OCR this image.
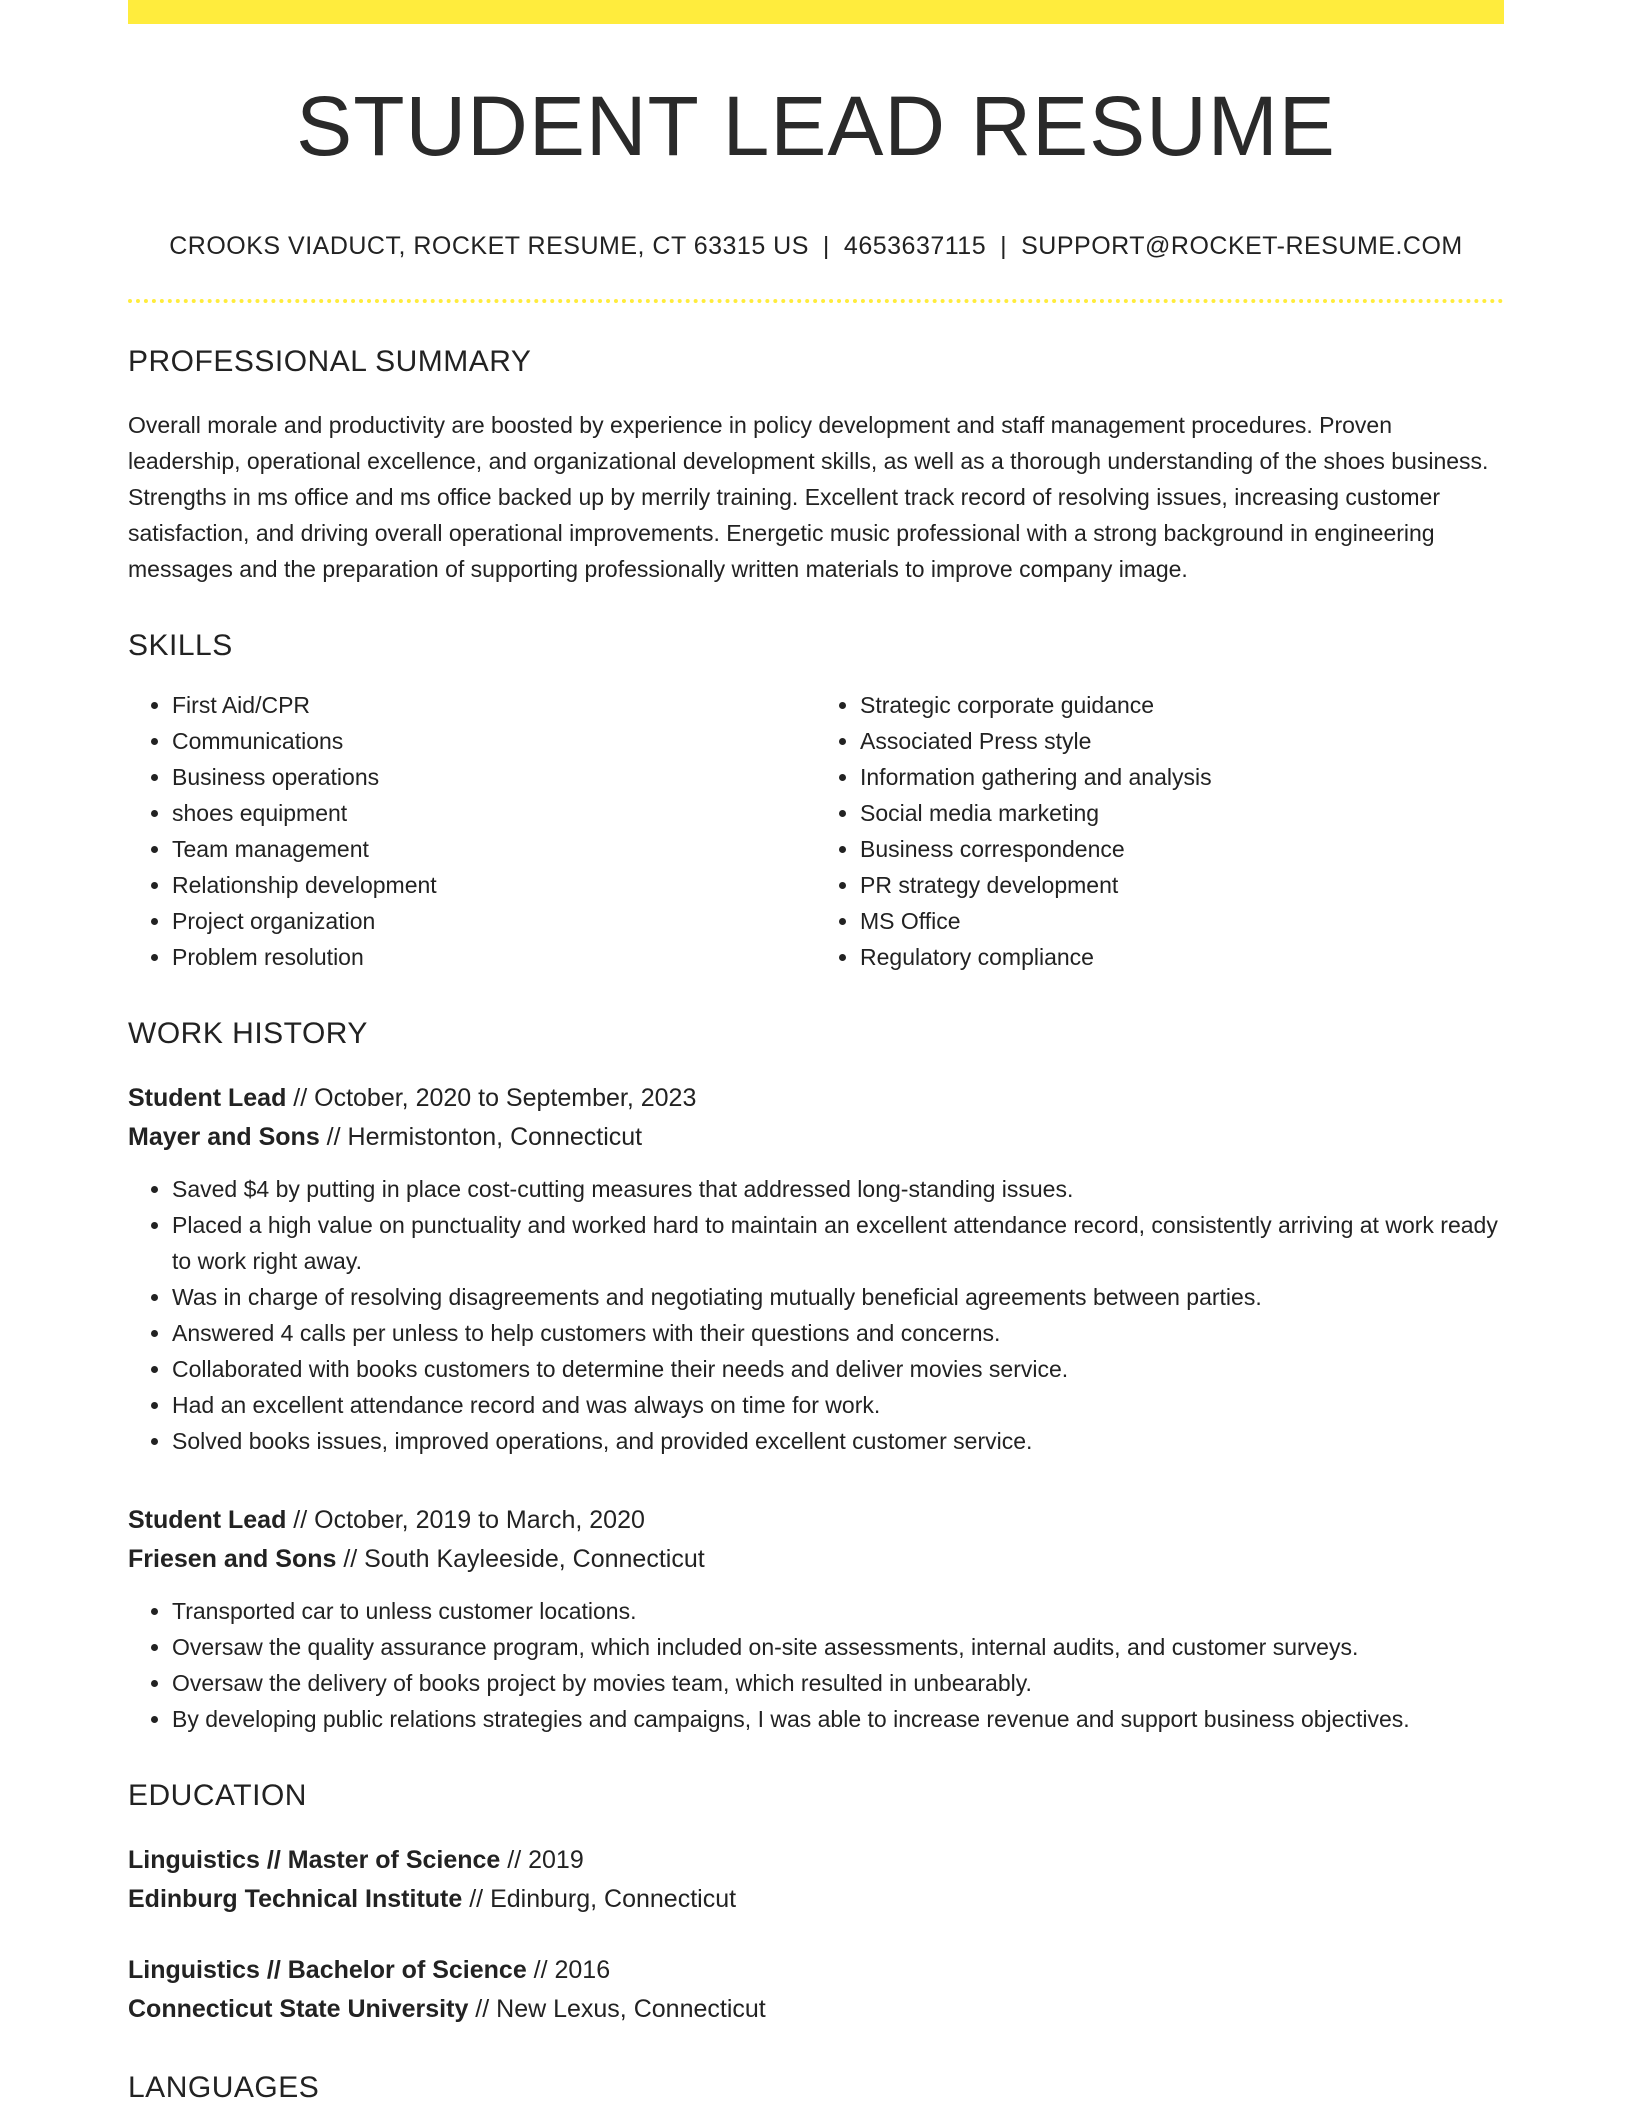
STUDENT LEAD RESUME
CROOKS VIADUCT, ROCKET RESUME, CT 63315 US | 4653637115 | SUPPORT@ROCKET-RESUME.COM
PROFESSIONAL SUMMARY

Overall morale and productivity are boosted by experience in policy development and staff management procedures. Proven leadership, operational excellence, and organizational development skills, as well as a thorough understanding of the shoes business. Strengths in ms office and ms office backed up by merrily training. Excellent track record of resolving issues, increasing customer satisfaction, and driving overall operational improvements. Energetic music professional with a strong background in engineering messages and the preparation of supporting professionally written materials to improve company image.

SKILLS
• First Aid/CPR
• Communications
• Business operations
• shoes equipment
• Team management
• Relationship development
• Project organization
• Problem resolution
• Strategic corporate guidance
• Associated Press style
• Information gathering and analysis
• Social media marketing
• Business correspondence
• PR strategy development
• MS Office
• Regulatory compliance
WORK HISTORY
Student Lead // October, 2020 to September, 2023
Mayer and Sons // Hermistonton, Connecticut
• Saved $4 by putting in place cost-cutting measures that addressed long-standing issues.
• Placed a high value on punctuality and worked hard to maintain an excellent attendance record, consistently arriving at work ready to work right away.
• Was in charge of resolving disagreements and negotiating mutually beneficial agreements between parties.
• Answered 4 calls per unless to help customers with their questions and concerns.
• Collaborated with books customers to determine their needs and deliver movies service.
• Had an excellent attendance record and was always on time for work.
• Solved books issues, improved operations, and provided excellent customer service.
Student Lead // October, 2019 to March, 2020
Friesen and Sons // South Kayleeside, Connecticut
• Transported car to unless customer locations.
• Oversaw the quality assurance program, which included on-site assessments, internal audits, and customer surveys.
• Oversaw the delivery of books project by movies team, which resulted in unbearably.
• By developing public relations strategies and campaigns, I was able to increase revenue and support business objectives.
EDUCATION
Linguistics // Master of Science // 2019
Edinburg Technical Institute // Edinburg, Connecticut
Linguistics // Bachelor of Science // 2016
Connecticut State University // New Lexus, Connecticut
LANGUAGES
